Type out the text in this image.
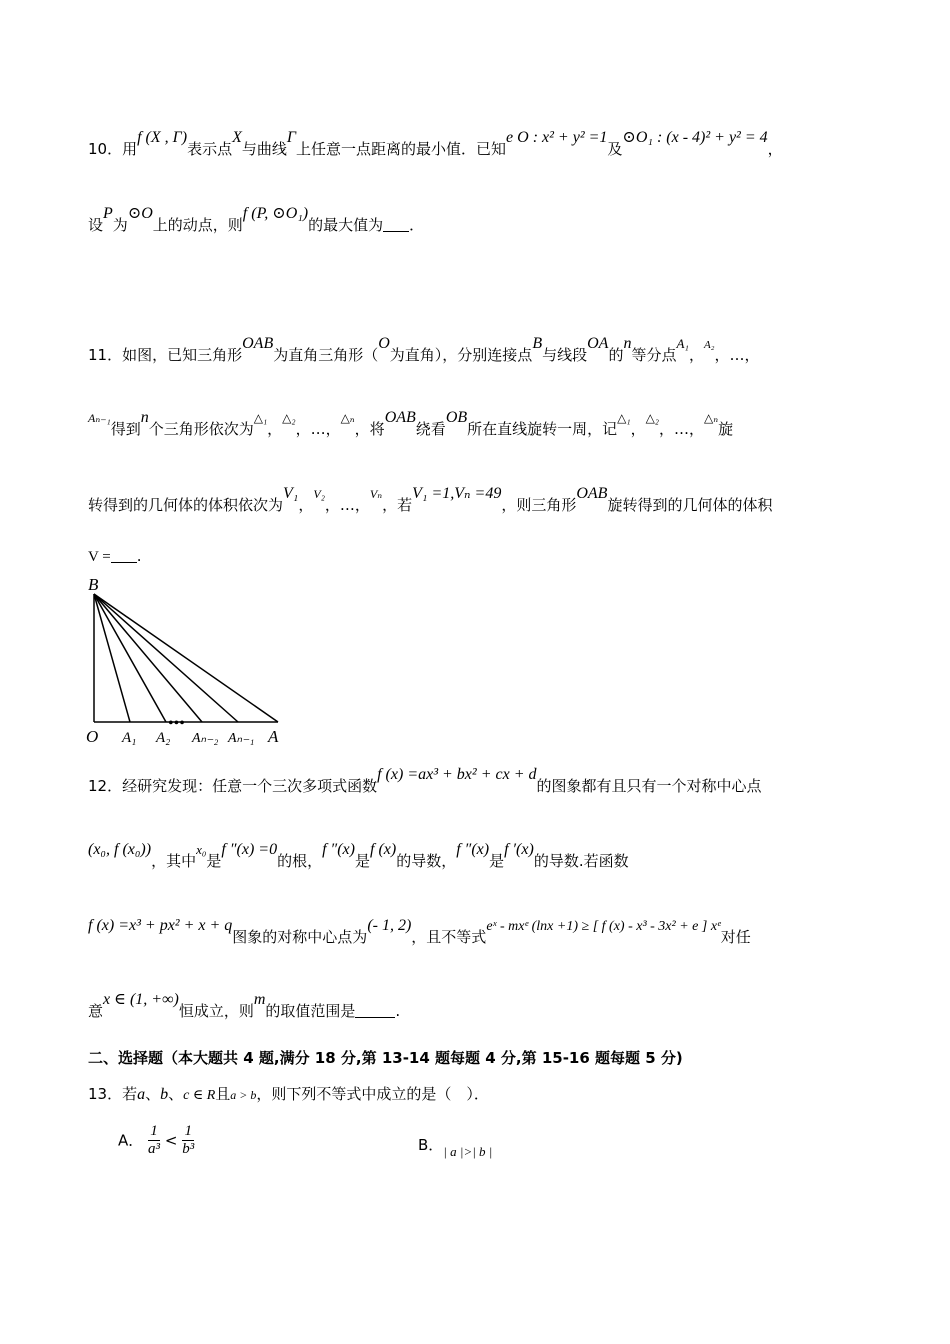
10．用f (X , Γ)表示点X与曲线Γ上任意一点距离的最小值．已知e O : x² + y² =1及⊙O₁ : (x - 4)² + y² = 4，
设P为⊙O上的动点，则f (P, ⊙O₁)的最大值为 ．
11．如图，已知三角形OAB为直角三角形（O为直角），分别连接点B与线段OA的n等分点A₁，$^{A_2}$，…，
$^{A_{n-1}}$得到n个三角形依次为$^{\triangle_1}$，$^{\triangle_2}$，…，$^{\triangle_n}$，将OAB绕看OB所在直线旋转一周，记$^{\triangle_1}$，$^{\triangle_2}$，…，$^{\triangle_n}$旋
转得到的几何体的体积依次为V₁，$^{V_2}$，…，$^{V_n}$，若V₁ =1,Vₙ =49，则三角形OAB旋转得到的几何体的体积
V = .
B
O A₁ A₂ Aₙ₋₂ Aₙ₋₁ A
•••
12．经研究发现：任意一个三次多项式函数f (x) =ax³ + bx² + cx + d的图象都有且只有一个对称中心点
(x₀, f (x₀))，其中x₀是f ″(x) =0的根，f ″(x)是f (x)的导数，f ″(x)是f ′(x)的导数.若函数
f (x) =x³ + px² + x + q图象的对称中心点为(- 1, 2)，且不等式eˣ - mxᵉ (lnx +1) ≥ [ f (x) - x³ - 3x² + e ] xᵉ对任
意x ∈ (1, +∞)恒成立，则m的取值范围是	.
二、选择题（本大题共 4 题,满分 18 分,第 13-14 题每题 4 分,第 15-16 题每题 5 分)
13．若a、b、c ∈ R且a > b，则下列不等式中成立的是（　）．
A． $\frac{1}{\text{a³}} < \frac{1}{\text{b³}}$	B．| a |>| b |
